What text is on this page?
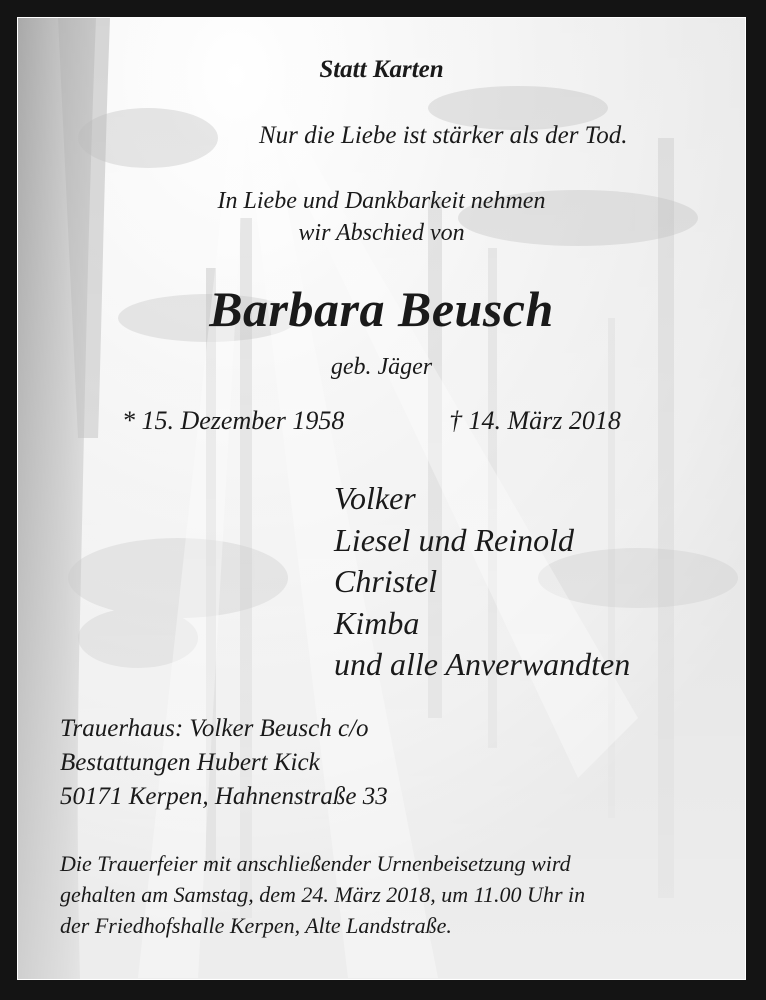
Statt Karten

Nur die Liebe ist stärker als der Tod.

In Liebe und Dankbarkeit nehmen

wir Abschied von

Barbara Beusch

geb. Jäger

* 15. Dezember 1958	† 14. März 2018

Volker
Liesel und Reinold
Christel
Kimba
und alle Anverwandten
Trauerhaus: Volker Beusch c/o
Bestattungen Hubert Kick
50171 Kerpen, Hahnenstraße 33
Die Trauerfeier mit anschließender Urnenbeisetzung wird
gehalten am Samstag, dem 24. März 2018, um 11.00 Uhr in
der Friedhofshalle Kerpen, Alte Landstraße.
